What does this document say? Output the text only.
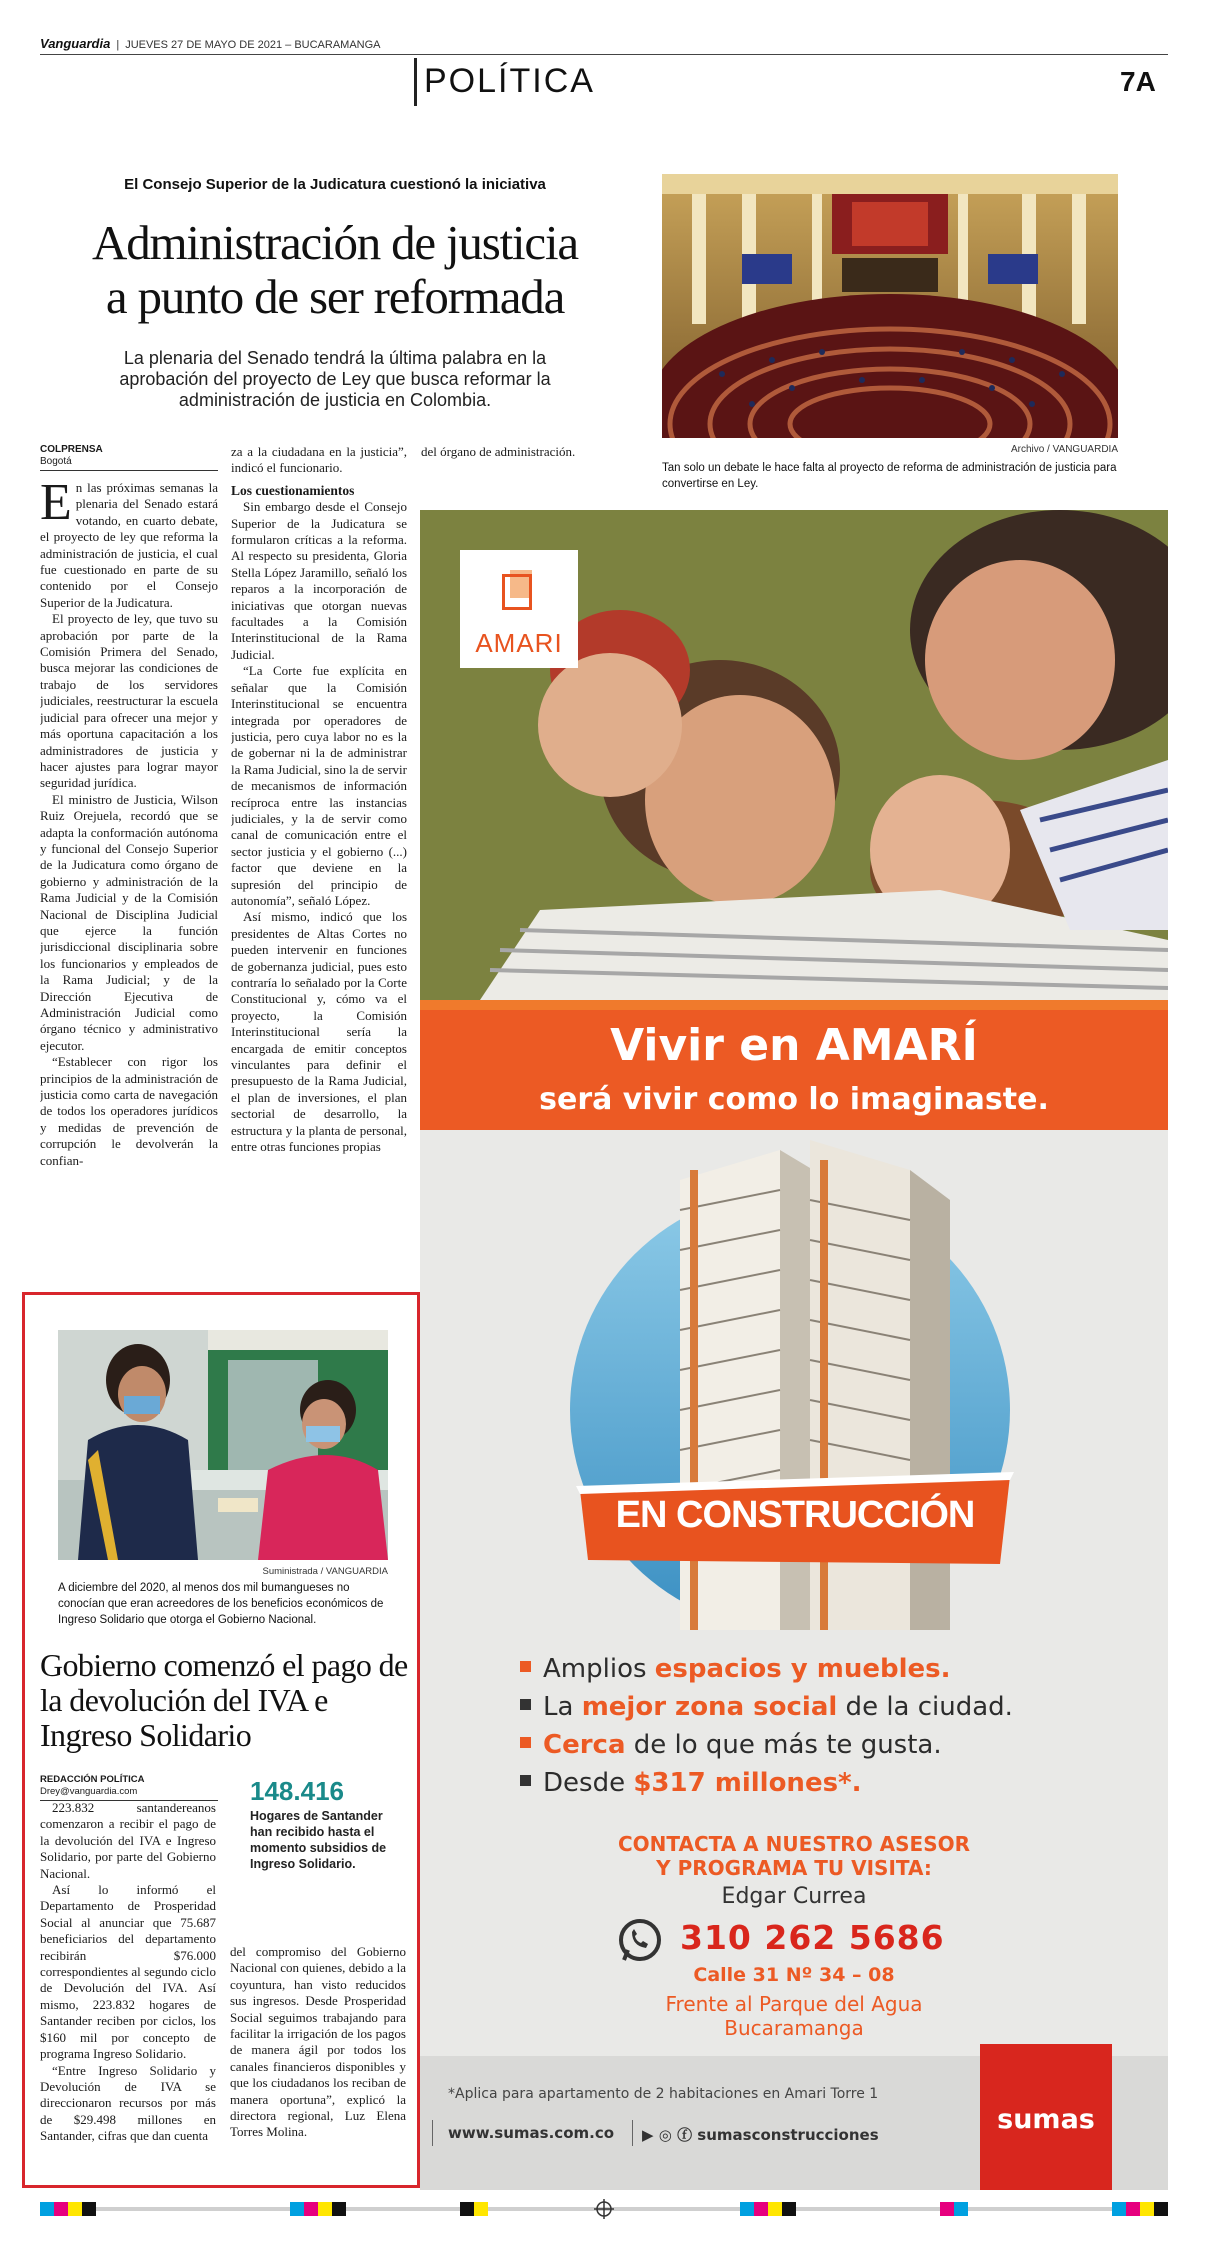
Vanguardia | JUEVES 27 DE MAYO DE 2021 – BUCARAMANGA
POLÍTICA	7A
El Consejo Superior de la Judicatura cuestionó la iniciativa
Administración de justicia
a punto de ser reformada
La plenaria del Senado tendrá la última palabra en la aprobación del proyecto de Ley que busca reformar la administración de justicia en Colombia.
Archivo / VANGUARDIA
Tan solo un debate le hace falta al proyecto de reforma de administración de justicia para convertirse en Ley.
COLPRENSA
Bogotá

En las próximas semanas la plenaria del Senado estará votando, en cuarto debate, el proyecto de ley que reforma la administración de justicia, el cual fue cuestionado en parte de su contenido por el Consejo Superior de la Judicatura.

El proyecto de ley, que tuvo su aprobación por parte de la Comisión Primera del Senado, busca mejorar las condiciones de trabajo de los servidores judiciales, reestructurar la escuela judicial para ofrecer una mejor y más oportuna capacitación a los administradores de justicia y hacer ajustes para lograr mayor seguridad jurídica.

El ministro de Justicia, Wilson Ruiz Orejuela, recordó que se adapta la conformación autónoma y funcional del Consejo Superior de la Judicatura como órgano de gobierno y administración de la Rama Judicial y de la Comisión Nacional de Disciplina Judicial que ejerce la función jurisdiccional disciplinaria sobre los funcionarios y empleados de la Rama Judicial; y de la Dirección Ejecutiva de Administración Judicial como órgano técnico y administrativo ejecutor.

“Establecer con rigor los principios de la administración de justicia como carta de navegación de todos los operadores jurídicos y medidas de prevención de corrupción le devolverán la confian-

za a la ciudadana en la justicia”, indicó el funcionario.

Los cuestionamientos

Sin embargo desde el Consejo Superior de la Judicatura se formularon críticas a la reforma. Al respecto su presidenta, Gloria Stella López Jaramillo, señaló los reparos a la incorporación de iniciativas que otorgan nuevas facultades a la Comisión Interinstitucional de la Rama Judicial.

“La Corte fue explícita en señalar que la Comisión Interinstitucional se encuentra integrada por operadores de justicia, pero cuya labor no es la de gobernar ni la de administrar la Rama Judicial, sino la de servir de mecanismos de información recíproca entre las instancias judiciales, y la de servir como canal de comunicación entre el sector justicia y el gobierno (...) factor que deviene en la supresión del principio de autonomía”, señaló López.

Así mismo, indicó que los presidentes de Altas Cortes no pueden intervenir en funciones de gobernanza judicial, pues esto contraría lo señalado por la Corte Constitucional y, cómo va el proyecto, la Comisión Interinstitucional sería la encargada de emitir conceptos vinculantes para definir el presupuesto de la Rama Judicial, el plan de inversiones, el plan sectorial de desarrollo, la estructura y la planta de personal, entre otras funciones propias

del órgano de administración.

AMARI
Vivir en AMARÍ
será vivir como lo imaginaste.
EN CONSTRUCCIÓN
Amplios espacios y muebles.
La mejor zona social de la ciudad.
Cerca de lo que más te gusta.
Desde $317 millones*.
CONTACTA A NUESTRO ASESOR
Y PROGRAMA TU VISITA:
Edgar Currea
310 262 5686
Calle 31 Nº 34 – 08
Frente al Parque del Agua
Bucaramanga
*Aplica para apartamento de 2 habitaciones en Amari Torre 1
www.sumas.com.co ▶ ◎ ⓕ sumasconstrucciones	sumas
Suministrada / VANGUARDIA
A diciembre del 2020, al menos dos mil bumangueses no conocían que eran acreedores de los beneficios económicos de Ingreso Solidario que otorga el Gobierno Nacional.
Gobierno comenzó el pago de la devolución del IVA e Ingreso Solidario
REDACCIÓN POLÍTICA
Drey@vanguardia.com	148.416
Hogares de Santander han recibido hasta el momento subsidios de Ingreso Solidario.

223.832 santandereanos comenzaron a recibir el pago de la devolución del IVA e Ingreso Solidario, por parte del Gobierno Nacional.

Así lo informó el Departamento de Prosperidad Social al anunciar que 75.687 beneficiarios del departamento recibirán $76.000 correspondientes al segundo ciclo de Devolución del IVA. Así mismo, 223.832 hogares de Santander reciben por ciclos, los $160 mil por concepto de programa Ingreso Solidario.

“Entre Ingreso Solidario y Devolución de IVA se direccionaron recursos por más de $29.498 millones en Santander, cifras que dan cuenta

del compromiso del Gobierno Nacional con quienes, debido a la coyuntura, han visto reducidos sus ingresos. Desde Prosperidad Social seguimos trabajando para facilitar la irrigación de los pagos de manera ágil por todos los canales financieros disponibles y que los ciudadanos los reciban de manera oportuna”, explicó la directora regional, Luz Elena Torres Molina.
